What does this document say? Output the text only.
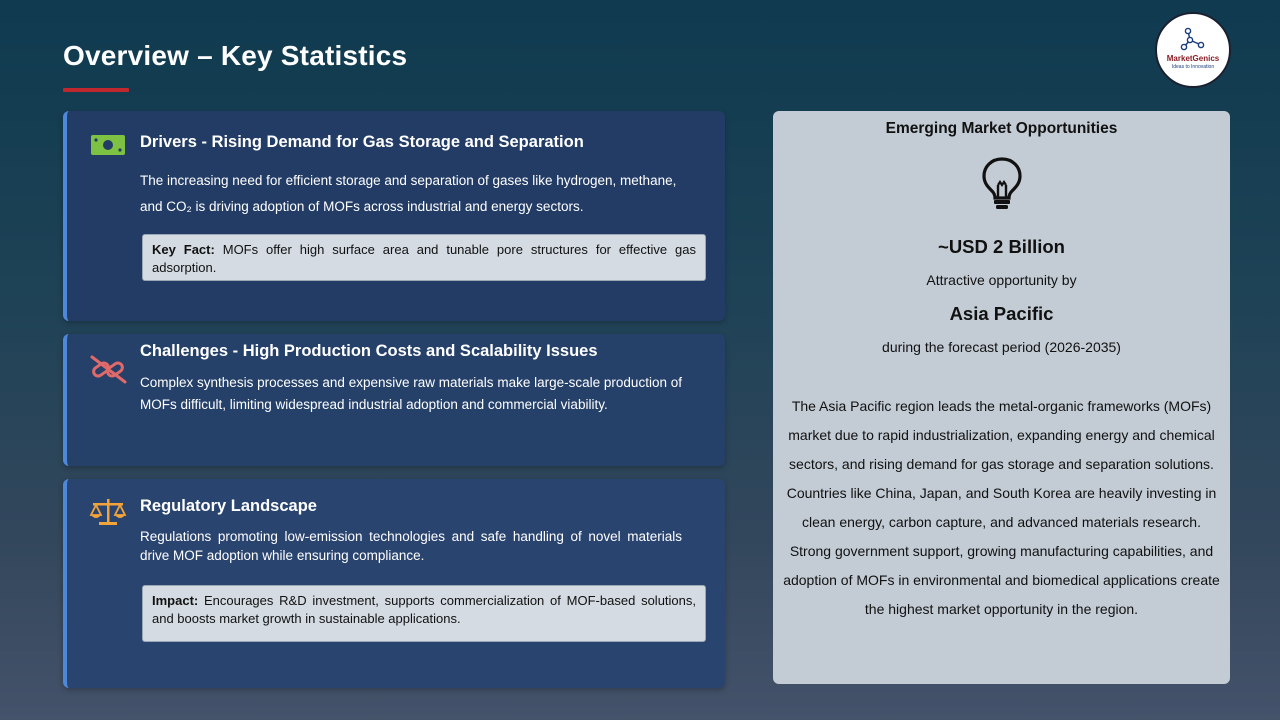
Overview – Key Statistics	MarketGenics
Ideas to Innovation
Drivers - Rising Demand for Gas Storage and Separation
The increasing need for efficient storage and separation of gases like hydrogen, methane, and CO₂ is driving adoption of MOFs across industrial and energy sectors.
Key Fact: MOFs offer high surface area and tunable pore structures for effective gas adsorption.
Challenges - High Production Costs and Scalability Issues
Complex synthesis processes and expensive raw materials make large-scale production of MOFs difficult, limiting widespread industrial adoption and commercial viability.
Regulatory Landscape
Regulations promoting low-emission technologies and safe handling of novel materials drive MOF adoption while ensuring compliance.
Impact: Encourages R&D investment, supports commercialization of MOF-based solutions, and boosts market growth in sustainable applications.
Emerging Market Opportunities
~USD 2 Billion
Attractive opportunity by
Asia Pacific
during the forecast period (2026-2035)
The Asia Pacific region leads the metal-organic frameworks (MOFs) market due to rapid industrialization, expanding energy and chemical sectors, and rising demand for gas storage and separation solutions. Countries like China, Japan, and South Korea are heavily investing in clean energy, carbon capture, and advanced materials research. Strong government support, growing manufacturing capabilities, and adoption of MOFs in environmental and biomedical applications create the highest market opportunity in the region.
